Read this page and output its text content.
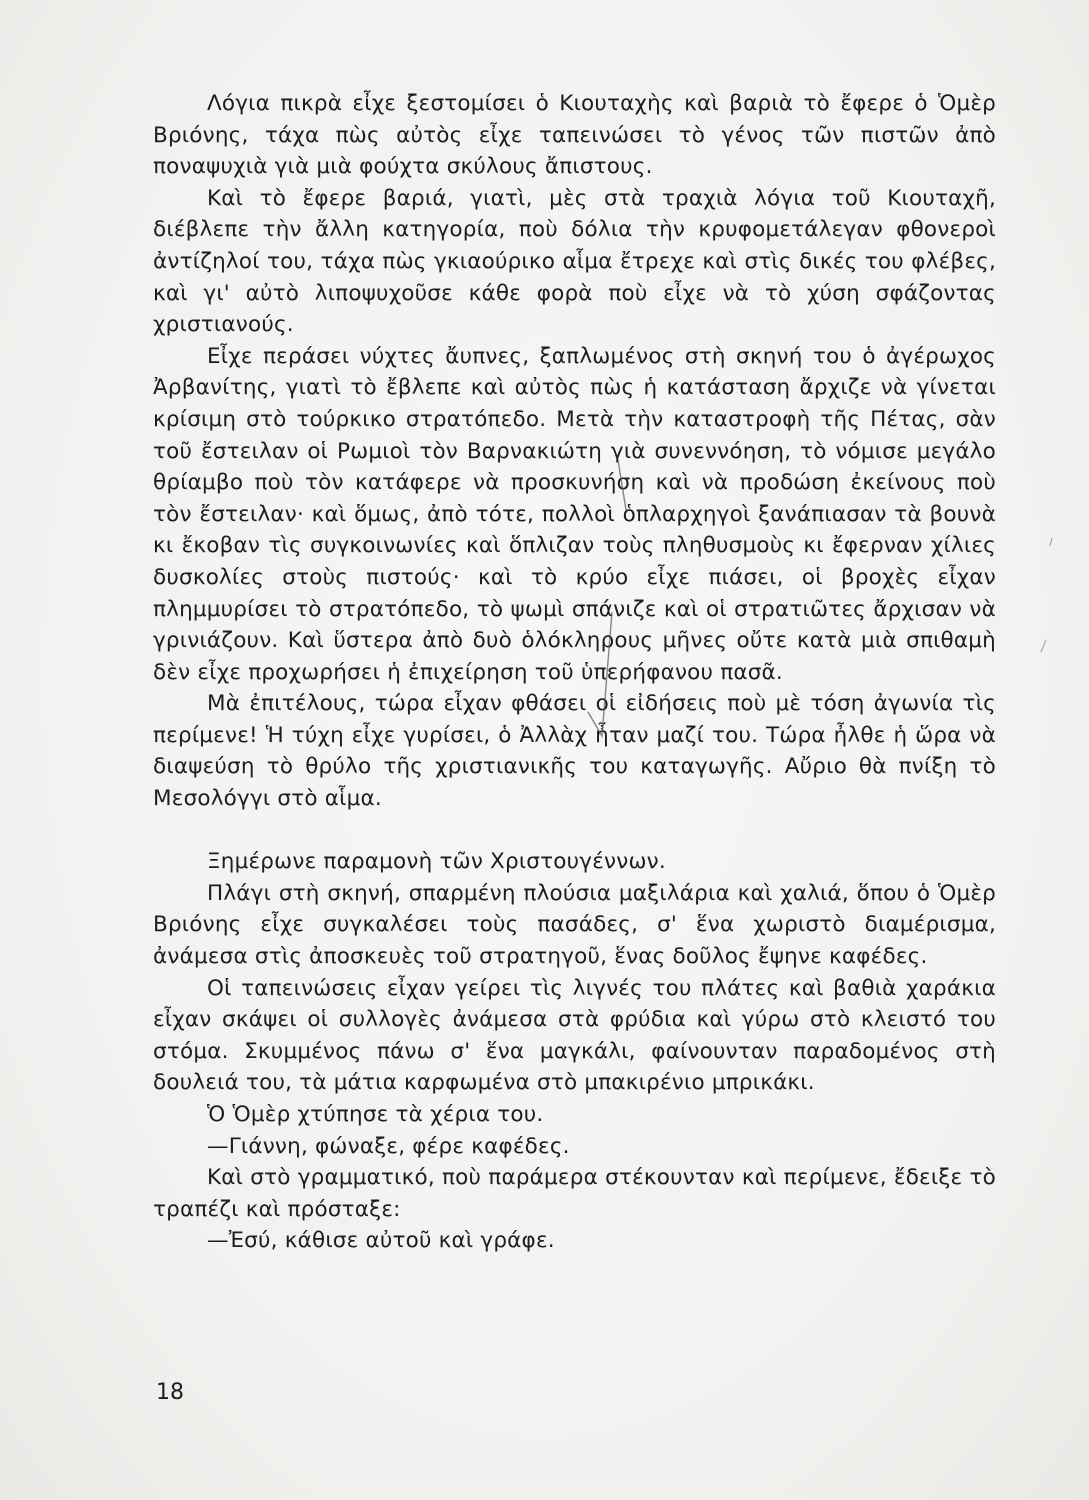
Λόγια πικρὰ εἶχε ξεστομίσει ὁ Κιουταχὴς καὶ βαριὰ τὸ ἔφερε ὁ Ὁμὲρ Βριόνης, τάχα πὼς αὐτὸς εἶχε ταπεινώσει τὸ γένος τῶν πιστῶν ἀπὸ ποναψυχιὰ γιὰ μιὰ φούχτα σκύλους ἄπιστους.

Καὶ τὸ ἔφερε βαριά, γιατὶ, μὲς στὰ τραχιὰ λόγια τοῦ Κιουταχῆ, διέβλεπε τὴν ἄλλη κατηγορία, ποὺ δόλια τὴν κρυφομετάλεγαν φθονεροὶ ἀντίζηλοί του, τάχα πὼς γκιαούρικο αἷμα ἔτρεχε καὶ στὶς δικές του φλέβες, καὶ γι' αὐτὸ λιποψυχοῦσε κάθε φορὰ ποὺ εἶχε νὰ τὸ χύση σφάζοντας χριστιανούς.

Εἶχε περάσει νύχτες ἄυπνες, ξαπλωμένος στὴ σκηνή του ὁ ἀγέρωχος Ἀρβανίτης, γιατὶ τὸ ἔβλεπε καὶ αὐτὸς πὼς ἡ κατάσταση ἄρχιζε νὰ γίνεται κρίσιμη στὸ τούρκικο στρατόπεδο. Μετὰ τὴν καταστροφὴ τῆς Πέτας, σὰν τοῦ ἔστειλαν οἱ Ρωμιοὶ τὸν Βαρνακιώτη γιὰ συνεννόηση, τὸ νόμισε μεγάλο θρίαμβο ποὺ τὸν κατάφερε νὰ προσκυνήση καὶ νὰ προδώση ἐκείνους ποὺ τὸν ἔστειλαν· καὶ ὅμως, ἀπὸ τότε, πολλοὶ ὁπλαρχηγοὶ ξανάπιασαν τὰ βουνὰ κι ἔκοβαν τὶς συγκοινωνίες καὶ ὅπλιζαν τοὺς πληθυσμοὺς κι ἔφερναν χίλιες δυσκολίες στοὺς πιστούς· καὶ τὸ κρύο εἶχε πιάσει, οἱ βροχὲς εἶχαν πλημμυρίσει τὸ στρατόπεδο, τὸ ψωμὶ σπάνιζε καὶ οἱ στρατιῶτες ἄρχισαν νὰ γρινιάζουν. Καὶ ὕστερα ἀπὸ δυὸ ὁλόκληρους μῆνες οὔτε κατὰ μιὰ σπιθαμὴ δὲν εἶχε προχωρήσει ἡ ἐπιχείρηση τοῦ ὑπερήφανου πασᾶ.

Μὰ ἐπιτέλους, τώρα εἶχαν φθάσει οἱ εἰδήσεις ποὺ μὲ τόση ἀγωνία τὶς περίμενε! Ἡ τύχη εἶχε γυρίσει, ὁ Ἀλλὰχ ἦταν μαζί του. Τώρα ἦλθε ἡ ὥρα νὰ διαψεύση τὸ θρύλο τῆς χριστιανικῆς του καταγωγῆς. Αὔριο θὰ πνίξη τὸ Μεσολόγγι στὸ αἷμα.

Ξημέρωνε παραμονὴ τῶν Χριστουγέννων.

Πλάγι στὴ σκηνή, σπαρμένη πλούσια μαξιλάρια καὶ χαλιά, ὅπου ὁ Ὁμὲρ Βριόνης εἶχε συγκαλέσει τοὺς πασάδες, σ' ἕνα χωριστὸ διαμέρισμα, ἀνάμεσα στὶς ἀποσκευὲς τοῦ στρατηγοῦ, ἕνας δοῦλος ἔψηνε καφέδες.

Οἱ ταπεινώσεις εἶχαν γείρει τὶς λιγνές του πλάτες καὶ βαθιὰ χαράκια εἶχαν σκάψει οἱ συλλογὲς ἀνάμεσα στὰ φρύδια καὶ γύρω στὸ κλειστό του στόμα. Σκυμμένος πάνω σ' ἕνα μαγκάλι, φαίνουνταν παραδομένος στὴ δουλειά του, τὰ μάτια καρφωμένα στὸ μπακιρένιο μπρικάκι.

Ὁ Ὁμὲρ χτύπησε τὰ χέρια του.

—Γιάννη, φώναξε, φέρε καφέδες.

Καὶ στὸ γραμματικό, ποὺ παράμερα στέκουνταν καὶ περίμενε, ἔδειξε τὸ τραπέζι καὶ πρόσταξε:

—Ἐσύ, κάθισε αὐτοῦ καὶ γράφε.

18
